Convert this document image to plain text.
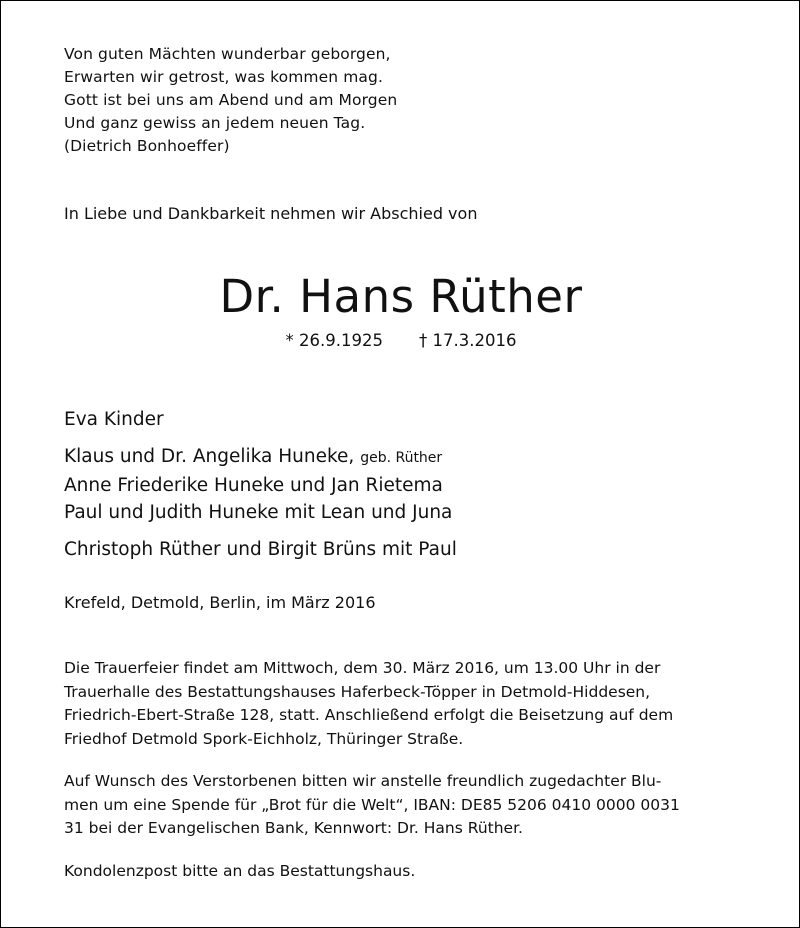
Von guten Mächten wunderbar geborgen,
Erwarten wir getrost, was kommen mag.
Gott ist bei uns am Abend und am Morgen
Und ganz gewiss an jedem neuen Tag.
(Dietrich Bonhoeffer)
In Liebe und Dankbarkeit nehmen wir Abschied von
Dr. Hans Rüther
* 26.9.1925 † 17.3.2016
Eva Kinder
Klaus und Dr. Angelika Huneke, geb. Rüther
Anne Friederike Huneke und Jan Rietema
Paul und Judith Huneke mit Lean und Juna
Christoph Rüther und Birgit Brüns mit Paul
Krefeld, Detmold, Berlin, im März 2016
Die Trauerfeier findet am Mittwoch, dem 30. März 2016, um 13.00 Uhr in der
Trauerhalle des Bestattungshauses Haferbeck-Töpper in Detmold-Hiddesen,
Friedrich-Ebert-Straße 128, statt. Anschließend erfolgt die Beisetzung auf dem
Friedhof Detmold Spork-Eichholz, Thüringer Straße.
Auf Wunsch des Verstorbenen bitten wir anstelle freundlich zugedachter Blu-
men um eine Spende für „Brot für die Welt“, IBAN: DE85 5206 0410 0000 0031
31 bei der Evangelischen Bank, Kennwort: Dr. Hans Rüther.
Kondolenzpost bitte an das Bestattungshaus.
